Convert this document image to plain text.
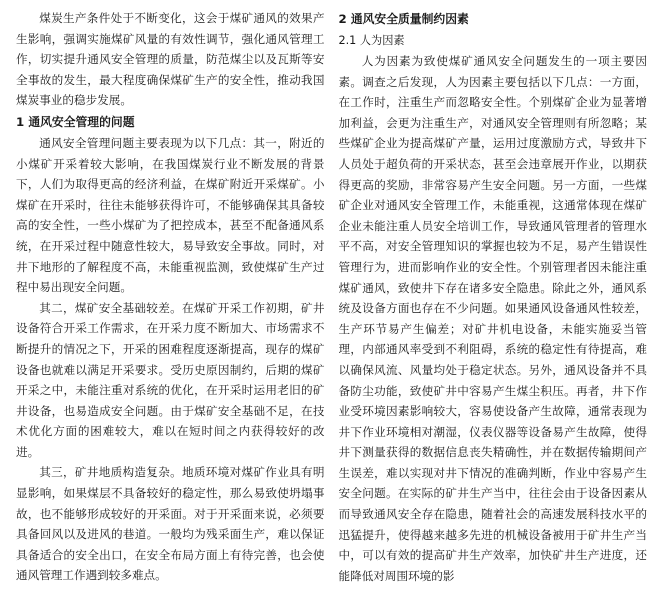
煤炭生产条件处于不断变化，这会于煤矿通风的效果产生影响，强调实施煤矿风量的有效性调节，强化通风管理工作，切实提升通风安全管理的质量，防范煤尘以及瓦斯等安全事故的发生，最大程度确保煤矿生产的安全性，推动我国煤炭事业的稳步发展。

1 通风安全管理的问题

通风安全管理问题主要表现为以下几点：其一，附近的小煤矿开采着较大影响，在我国煤炭行业不断发展的背景下，人们为取得更高的经济利益，在煤矿附近开采煤矿。小煤矿在开采时，往往未能够获得许可，不能够确保其具备较高的安全性，一些小煤矿为了把控成本，甚至不配备通风系统，在开采过程中随意性较大，易导致安全事故。同时，对井下地形的了解程度不高，未能重视监测，致使煤矿生产过程中易出现安全问题。

其二，煤矿安全基础较差。在煤矿开采工作初期，矿井设备符合开采工作需求，在开采力度不断加大、市场需求不断提升的情况之下，开采的困难程度逐渐提高，现存的煤矿设备也就难以满足开采要求。受历史原因制约，后期的煤矿开采之中，未能注重对系统的优化，在开采时运用老旧的矿井设备，也易造成安全问题。由于煤矿安全基础不足，在技术优化方面的困难较大，难以在短时间之内获得较好的改进。

其三，矿井地质构造复杂。地质环境对煤矿作业具有明显影响，如果煤层不具备较好的稳定性，那么易致使坍塌事故，也不能够形成较好的开采面。对于开采面来说，必须要具备回风以及进风的巷道。一般均为残采面生产，难以保证具备适合的安全出口，在安全布局方面上有待完善，也会使通风管理工作遇到较多难点。

2 通风安全质量制约因素
2.1 人为因素

人为因素为致使煤矿通风安全问题发生的一项主要因素。调查之后发现，人为因素主要包括以下几点：一方面，在工作时，注重生产而忽略安全性。个别煤矿企业为显著增加利益，会更为注重生产，对通风安全管理则有所忽略；某些煤矿企业为提高煤矿产量，运用过度激励方式，导致井下人员处于超负荷的开采状态，甚至会违章展开作业，以期获得更高的奖励，非常容易产生安全问题。另一方面，一些煤矿企业对通风安全管理工作，未能重视，这通常体现在煤矿企业未能注重人员安全培训工作，导致通风管理者的管理水平不高，对安全管理知识的掌握也较为不足，易产生错误性管理行为，进而影响作业的安全性。个别管理者因未能注重煤矿通风，致使井下存在诸多安全隐患。除此之外，通风系统及设备方面也存在不少问题。如果通风设备通风性较差，生产环节易产生偏差；对矿井机电设备，未能实施妥当管理，内部通风率受到不利阻碍，系统的稳定性有待提高，难以确保风流、风量均处于稳定状态。另外，通风设备并不具备防尘功能，致使矿井中容易产生煤尘积压。再者，井下作业受环境因素影响较大，容易使设备产生故障，通常表现为井下作业环境相对潮湿，仪表仪器等设备易产生故障，使得井下测量获得的数据信息丧失精确性，并在数据传输期间产生误差，难以实现对井下情况的准确判断，作业中容易产生安全问题。在实际的矿井生产当中，往往会由于设备因素从而导致通风安全存在隐患，随着社会的高速发展科技水平的迅猛提升，使得越来越多先进的机械设备被用于矿井生产当中，可以有效的提高矿井生产效率，加快矿井生产进度，还能降低对周围环境的影
